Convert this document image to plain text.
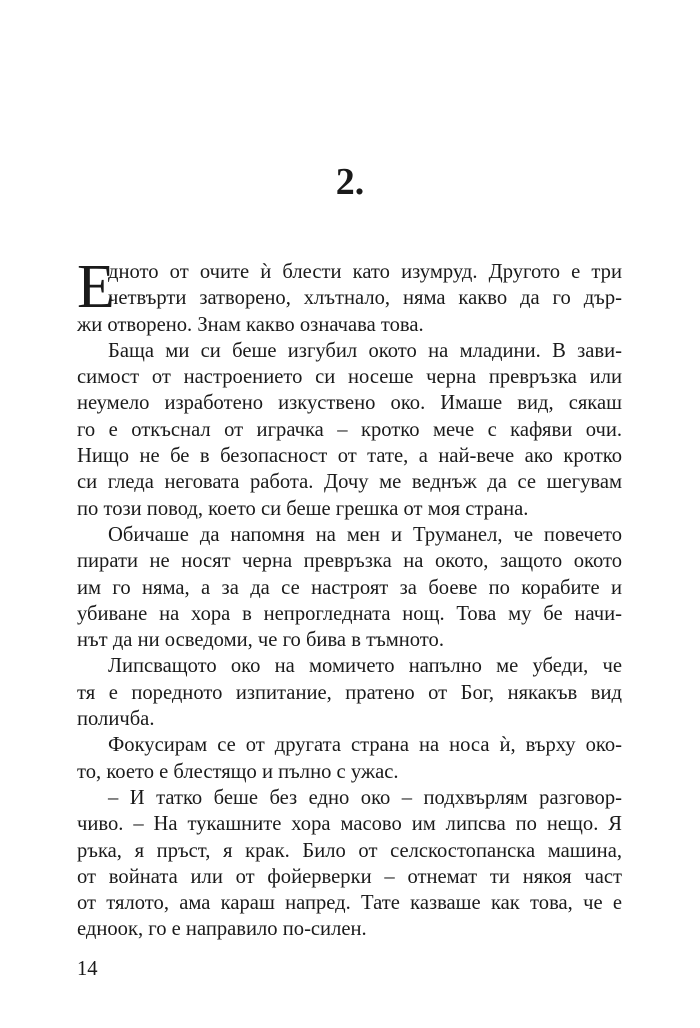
2.
Е
дното от очите ѝ блести като изумруд. Другото е три
четвърти затворено, хлътнало, няма какво да го дър-
жи отворено. Знам какво означава това.
Баща ми си беше изгубил окото на младини. В зави-
симост от настроението си носеше черна превръзка или
неумело изработено изкуствено око. Имаше вид, сякаш
го е откъснал от играчка – кротко мече с кафяви очи.
Нищо не бе в безопасност от тате, а най-вече ако кротко
си гледа неговата работа. Дочу ме веднъж да се шегувам
по този повод, което си беше грешка от моя страна.
Обичаше да напомня на мен и Труманел, че повечето
пирати не носят черна превръзка на окото, защото окото
им го няма, а за да се настроят за боеве по корабите и
убиване на хора в непрогледната нощ. Това му бе начи-
нът да ни осведоми, че го бива в тъмното.
Липсващото око на момичето напълно ме убеди, че
тя е поредното изпитание, пратено от Бог, някакъв вид
поличба.
Фокусирам се от другата страна на носа ѝ, върху око-
то, което е блестящо и пълно с ужас.
– И татко беше без едно око – подхвърлям разговор-
чиво. – На тукашните хора масово им липсва по нещо. Я
ръка, я пръст, я крак. Било от селскостопанска машина,
от войната или от фойерверки – отнемат ти някоя част
от тялото, ама караш напред. Тате казваше как това, че е
едноок, го е направило по-силен.
14
